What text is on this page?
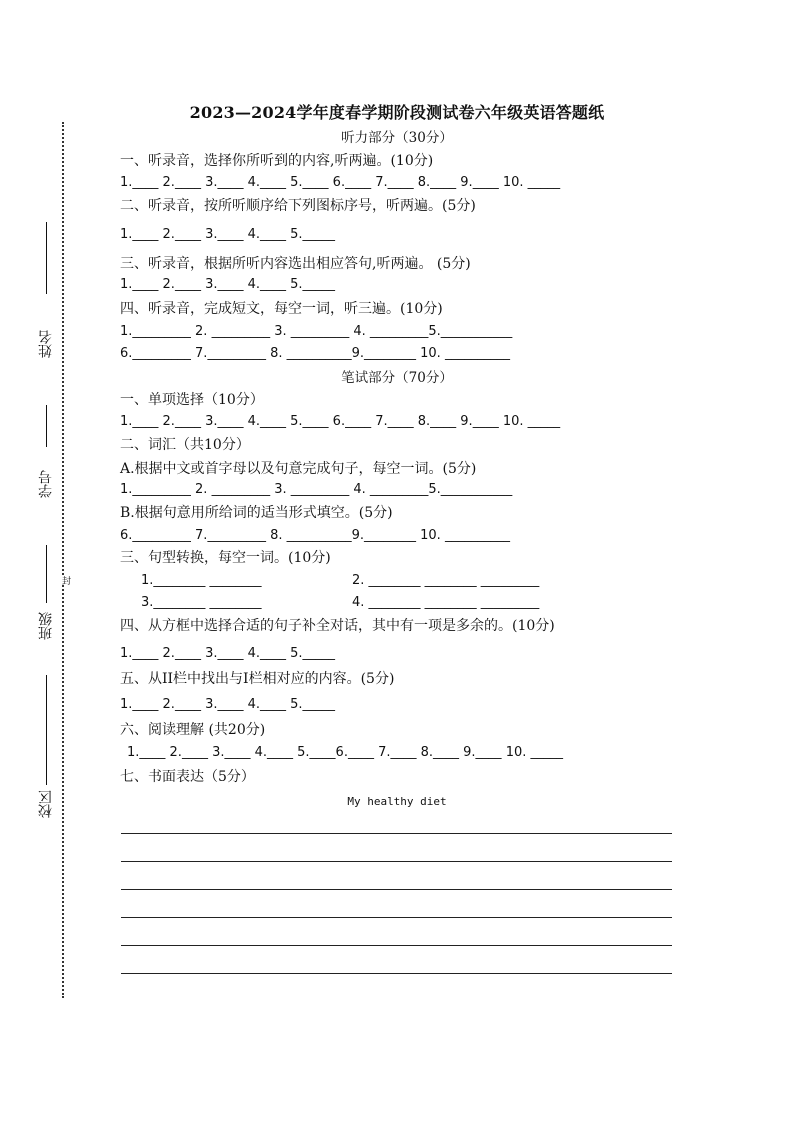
封
姓名
学号
班级
校区
2023—2024学年度春学期阶段测试卷六年级英语答题纸
听力部分（30分）
一、听录音，选择你所听到的内容,听两遍。(10分)
1.____ 2.____ 3.____ 4.____ 5.____ 6.____ 7.____ 8.____ 9.____ 10. _____
二、听录音，按所听顺序给下列图标序号，听两遍。(5分)
1.____ 2.____ 3.____ 4.____ 5._____
三、听录音，根据所听内容选出相应答句,听两遍。 (5分)
1.____ 2.____ 3.____ 4.____ 5._____
四、听录音，完成短文，每空一词，听三遍。(10分)
1._________ 2. _________ 3. _________ 4. _________5.___________
6._________ 7._________ 8. __________9.________ 10. __________
笔试部分（70分）
一、单项选择（10分）
1.____ 2.____ 3.____ 4.____ 5.____ 6.____ 7.____ 8.____ 9.____ 10. _____
二、词汇（共10分）
A.根据中文或首字母以及句意完成句子，每空一词。(5分)
1._________ 2. _________ 3. _________ 4. _________5.___________
B.根据句意用所给词的适当形式填空。(5分)
6._________ 7._________ 8. __________9.________ 10. __________
三、句型转换，每空一词。(10分)
1.________ ________	2. ________ ________ _________
3.________ ________	4. ________ ________ _________
四、从方框中选择合适的句子补全对话，其中有一项是多余的。(10分)
1.____ 2.____ 3.____ 4.____ 5._____
五、从II栏中找出与I栏相对应的内容。(5分)
1.____ 2.____ 3.____ 4.____ 5._____
六、阅读理解 (共20分)
1.____ 2.____ 3.____ 4.____ 5.____6.____ 7.____ 8.____ 9.____ 10. _____
七、书面表达（5分）
My healthy diet
